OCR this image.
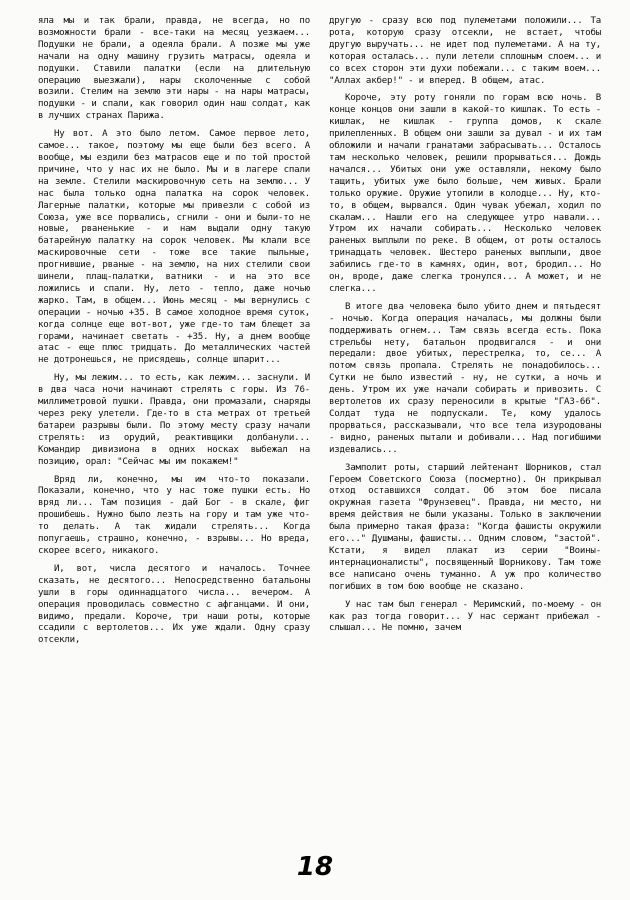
яла мы и так брали, правда, не всегда, но по возможности брали - все-таки на месяц уезжаем... Подушки не брали, а одеяла брали. А позже мы уже начали на одну машину грузить матрасы, одеяла и подушки. Ставили палатки (если на длительную операцию выезжали), нары сколоченные с собой возили. Стелим на землю эти нары - на нары матрасы, подушки - и спали, как говорил один наш солдат, как в лучших странах Парижа.

Ну вот. А это было летом. Самое первое лето, самое... такое, поэтому мы еще были без всего. А вообще, мы ездили без матрасов еще и по той простой причине, что у нас их не было. Мы и в лагере спали на земле. Стелили маскировочную сеть на землю... У нас была только одна палатка на сорок человек. Лагерные палатки, которые мы привезли с собой из Союза, уже все порвались, сгнили - они и были-то не новые, рваненькие - и нам выдали одну такую батарейную палатку на сорок человек. Мы клали все маскировочные сети - тоже все такие пыльные, прогнившие, рваные - на землю, на них стелили свои шинели, плащ-палатки, ватники - и на это все ложились и спали. Ну, лето - тепло, даже ночью жарко. Там, в общем... Июнь месяц - мы вернулись с операции - ночью +35. В самое холодное время суток, когда солнце еще вот-вот, уже где-то там блещет за горами, начинает светать - +35. Ну, а днем вообще атас - еще плюс тридцать. До металлических частей не дотронешься, не присядешь, солнце шпарит...

Ну, мы лежим... то есть, как лежим... заснули. И в два часа ночи начинают стрелять с горы. Из 76-миллиметровой пушки. Правда, они промазали, снаряды через реку улетели. Где-то в ста метрах от третьей батареи разрывы были. По этому месту сразу начали стрелять: из орудий, реактивщики долбанули... Командир дивизиона в одних носках выбежал на позицию, орал: "Сейчас мы им покажем!"

Вряд ли, конечно, мы им что-то показали. Показали, конечно, что у нас тоже пушки есть. Но вряд ли... Там позиция - дай Бог - в скале, фиг прошибешь. Нужно было лезть на гору и там уже что-то делать. А так жидали стрелять... Когда попугаешь, страшно, конечно, - взрывы... Но вреда, скорее всего, никакого.

И, вот, числа десятого и началось. Точнее сказать, не десятого... Непосредственно батальоны ушли в горы одиннадцатого числа... вечером. А операция проводилась совместно с афганцами. И они, видимо, предали. Короче, три наши роты, которые ссадили с вертолетов... Их уже ждали. Одну сразу отсекли,

другую - сразу всю под пулеметами положили... Та рота, которую сразу отсекли, не встает, чтобы другую выручать... не идет под пулеметами. А на ту, которая осталась... пули летели сплошным слоем... и со всех сторон эти духи побежали... с таким воем... "Аллах акбер!" - и вперед. В общем, атас.

Короче, эту роту гоняли по горам всю ночь. В конце концов они зашли в какой-то кишлак. То есть - кишлак, не кишлак - группа домов, к скале прилепленных. В общем они зашли за дувал - и их там обложили и начали гранатами забрасывать... Осталось там несколько человек, решили прорываться... Дождь начался... Убитых они уже оставляли, некому было тащить, убитых уже было больше, чем живых. Брали только оружие. Оружие утопили в колодце... Ну, кто-то, в общем, вырвался. Один чувак убежал, ходил по скалам... Нашли его на следующее утро навали... Утром их начали собирать... Несколько человек раненых выплыли по реке. В общем, от роты осталось тринадцать человек. Шестеро раненых выплыли, двое забились где-то в камнях, один, вот, бродил... Но он, вроде, даже слегка тронулся... А может, и не слегка...

В итоге два человека было убито днем и пятьдесят - ночью. Когда операция началась, мы должны были поддерживать огнем... Там связь всегда есть. Пока стрельбы нету, батальон продвигался - и они передали: двое убитых, перестрелка, то, се... А потом связь пропала. Стрелять не понадобилось... Сутки не было известий - ну, не сутки, а ночь и день. Утром их уже начали собирать и привозить. С вертолетов их сразу переносили в крытые "ГАЗ-66". Солдат туда не подпускали. Те, кому удалось прорваться, рассказывали, что все тела изуродованы - видно, раненых пытали и добивали... Над погибшими издевались...

Замполит роты, старший лейтенант Шорников, стал Героем Советского Союза (посмертно). Он прикрывал отход оставшихся солдат. Об этом бое писала окружная газета "Фрунзевец". Правда, ни место, ни время действия не были указаны. Только в заключении была примерно такая фраза: "Когда фашисты окружили его..." Душманы, фашисты... Одним словом, "застой". Кстати, я видел плакат из серии "Воины-интернационалисты", посвященный Шорникову. Там тоже все написано очень туманно. А уж про количество погибших в том бою вообще не сказано.

У нас там был генерал - Меримский, по-моему - он как раз тогда говорит... У нас сержант прибежал - слышал... Не помню, зачем

18
